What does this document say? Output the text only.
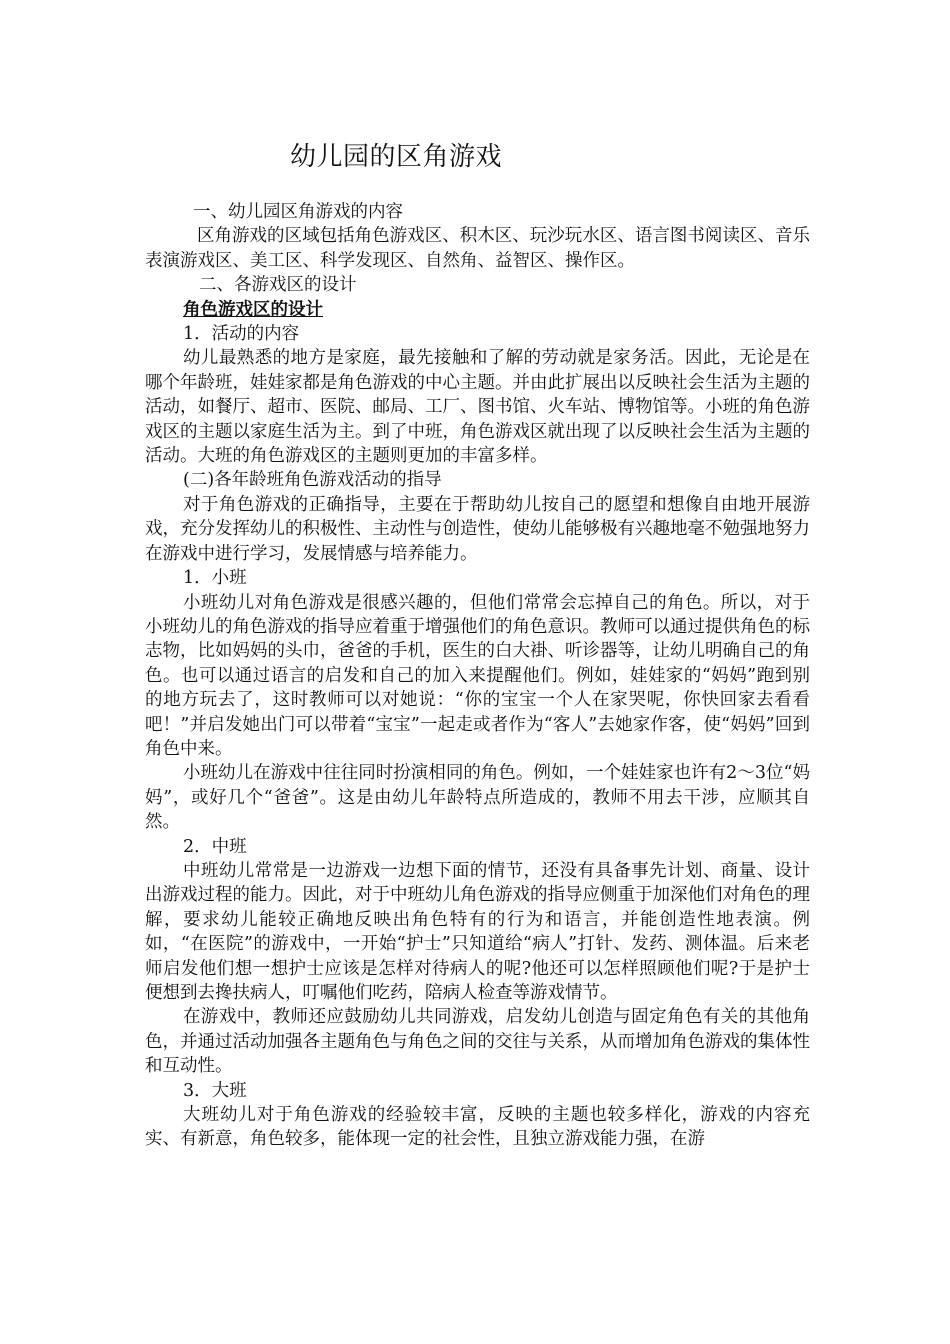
幼儿园的区角游戏

一、幼儿园区角游戏的内容

区角游戏的区域包括角色游戏区、积木区、玩沙玩水区、语言图书阅读区、音乐表演游戏区、美工区、科学发现区、自然角、益智区、操作区。

二、各游戏区的设计

角色游戏区的设计

1．活动的内容

幼儿最熟悉的地方是家庭，最先接触和了解的劳动就是家务活。因此，无论是在哪个年龄班，娃娃家都是角色游戏的中心主题。并由此扩展出以反映社会生活为主题的活动，如餐厅、超市、医院、邮局、工厂、图书馆、火车站、博物馆等。小班的角色游戏区的主题以家庭生活为主。到了中班，角色游戏区就出现了以反映社会生活为主题的活动。大班的角色游戏区的主题则更加的丰富多样。

(二)各年龄班角色游戏活动的指导

对于角色游戏的正确指导，主要在于帮助幼儿按自己的愿望和想像自由地开展游戏，充分发挥幼儿的积极性、主动性与创造性，使幼儿能够极有兴趣地毫不勉强地努力在游戏中进行学习，发展情感与培养能力。

1．小班

小班幼儿对角色游戏是很感兴趣的，但他们常常会忘掉自己的角色。所以，对于小班幼儿的角色游戏的指导应着重于增强他们的角色意识。教师可以通过提供角色的标志物，比如妈妈的头巾，爸爸的手机，医生的白大褂、听诊器等，让幼儿明确自己的角色。也可以通过语言的启发和自己的加入来提醒他们。例如，娃娃家的“妈妈”跑到别的地方玩去了，这时教师可以对她说：“你的宝宝一个人在家哭呢，你快回家去看看吧！”并启发她出门可以带着“宝宝”一起走或者作为“客人”去她家作客，使“妈妈”回到角色中来。

小班幼儿在游戏中往往同时扮演相同的角色。例如，一个娃娃家也许有2～3位“妈妈”，或好几个“爸爸”。这是由幼儿年龄特点所造成的，教师不用去干涉，应顺其自然。

2．中班

中班幼儿常常是一边游戏一边想下面的情节，还没有具备事先计划、商量、设计出游戏过程的能力。因此，对于中班幼儿角色游戏的指导应侧重于加深他们对角色的理解，要求幼儿能较正确地反映出角色特有的行为和语言，并能创造性地表演。例如，“在医院”的游戏中，一开始“护士”只知道给“病人”打针、发药、测体温。后来老师启发他们想一想护士应该是怎样对待病人的呢?他还可以怎样照顾他们呢?于是护士便想到去搀扶病人，叮嘱他们吃药，陪病人检查等游戏情节。

在游戏中，教师还应鼓励幼儿共同游戏，启发幼儿创造与固定角色有关的其他角色，并通过活动加强各主题角色与角色之间的交往与关系，从而增加角色游戏的集体性和互动性。

3．大班

大班幼儿对于角色游戏的经验较丰富，反映的主题也较多样化，游戏的内容充实、有新意，角色较多，能体现一定的社会性，且独立游戏能力强，在游
